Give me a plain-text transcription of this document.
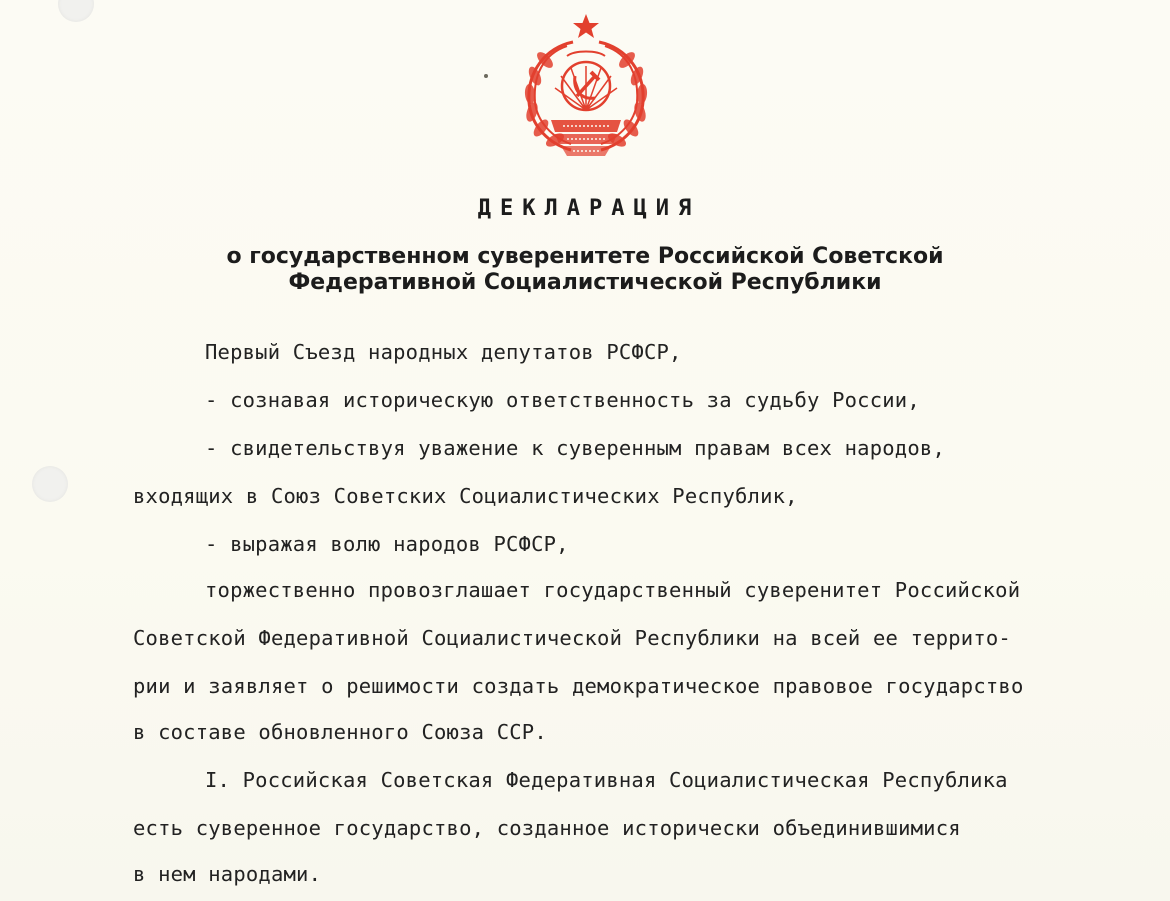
ДЕКЛАРАЦИЯ
о государственном суверенитете Российской Советской
Федеративной Социалистической Республики
Первый Съезд народных депутатов РСФСР,
- сознавая историческую ответственность за судьбу России,
- свидетельствуя уважение к суверенным правам всех народов,
входящих в Союз Советских Социалистических Республик,
- выражая волю народов РСФСР,
торжественно провозглашает государственный суверенитет Российской
Советской Федеративной Социалистической Республики на всей ее террито-
рии и заявляет о решимости создать демократическое правовое государство
в составе обновленного Союза ССР.
I. Российская Советская Федеративная Социалистическая Республика
есть суверенное государство, созданное исторически объединившимися
в нем народами.
